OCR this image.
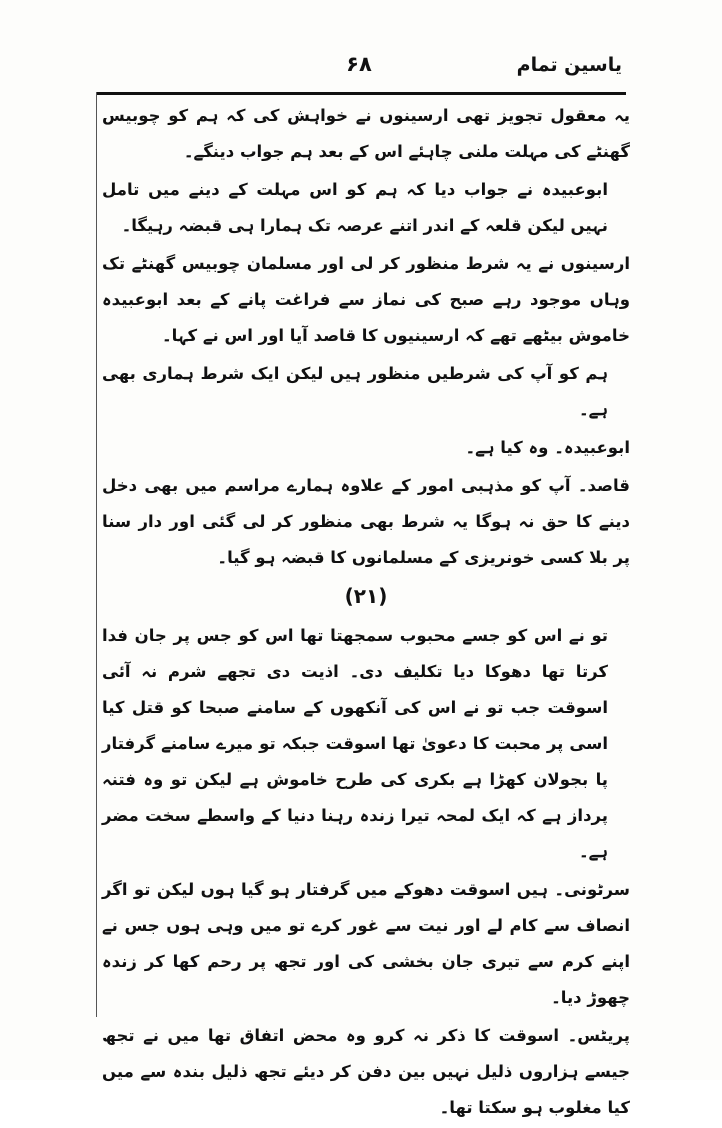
یاسین تمام
۶۸

یہ معقول تجویز تھی ارسینوں نے خواہش کی کہ ہم کو چوبیس گھنٹے کی مہلت ملنی چاہئے اس کے بعد ہم جواب دینگے۔

ابوعبیدہ نے جواب دیا کہ ہم کو اس مہلت کے دینے میں تامل نہیں لیکن قلعہ کے اندر اتنے عرصہ تک ہمارا ہی قبضہ رہیگا۔

ارسینوں نے یہ شرط منظور کر لی اور مسلمان چوبیس گھنٹے تک وہاں موجود رہے صبح کی نماز سے فراغت پانے کے بعد ابوعبیدہ خاموش بیٹھے تھے کہ ارسینیوں کا قاصد آیا اور اس نے کہا۔

ہم کو آپ کی شرطیں منظور ہیں لیکن ایک شرط ہماری بھی ہے۔

ابوعبیدہ۔ وہ کیا ہے۔

قاصد۔ آپ کو مذہبی امور کے علاوہ ہمارے مراسم میں بھی دخل دینے کا حق نہ ہوگا یہ شرط بھی منظور کر لی گئی اور دار سنا پر بلا کسی خونریزی کے مسلمانوں کا قبضہ ہو گیا۔

(۲۱)

تو نے اس کو جسے محبوب سمجھتا تھا اس کو جس پر جان فدا کرتا تھا دھوکا دیا تکلیف دی۔ اذیت دی تجھے شرم نہ آئی اسوقت جب تو نے اس کی آنکھوں کے سامنے صبحا کو قتل کیا اسی پر محبت کا دعویٰ تھا اسوقت جبکہ تو میرے سامنے گرفتار پا بجولان کھڑا ہے بکری کی طرح خاموش ہے لیکن تو وہ فتنہ پرداز ہے کہ ایک لمحہ تیرا زندہ رہنا دنیا کے واسطے سخت مضر ہے۔

سرٹونی۔ ہیں اسوقت دھوکے میں گرفتار ہو گیا ہوں لیکن تو اگر انصاف سے کام لے اور نیت سے غور کرے تو میں وہی ہوں جس نے اپنے کرم سے تیری جان بخشی کی اور تجھ پر رحم کھا کر زندہ چھوڑ دیا۔

پریٹس۔ اسوقت کا ذکر نہ کرو وہ محض اتفاق تھا میں نے تجھ جیسے ہزاروں ذلیل نہیں بین دفن کر دیئے تجھ ذلیل بندہ سے میں کیا مغلوب ہو سکتا تھا۔
